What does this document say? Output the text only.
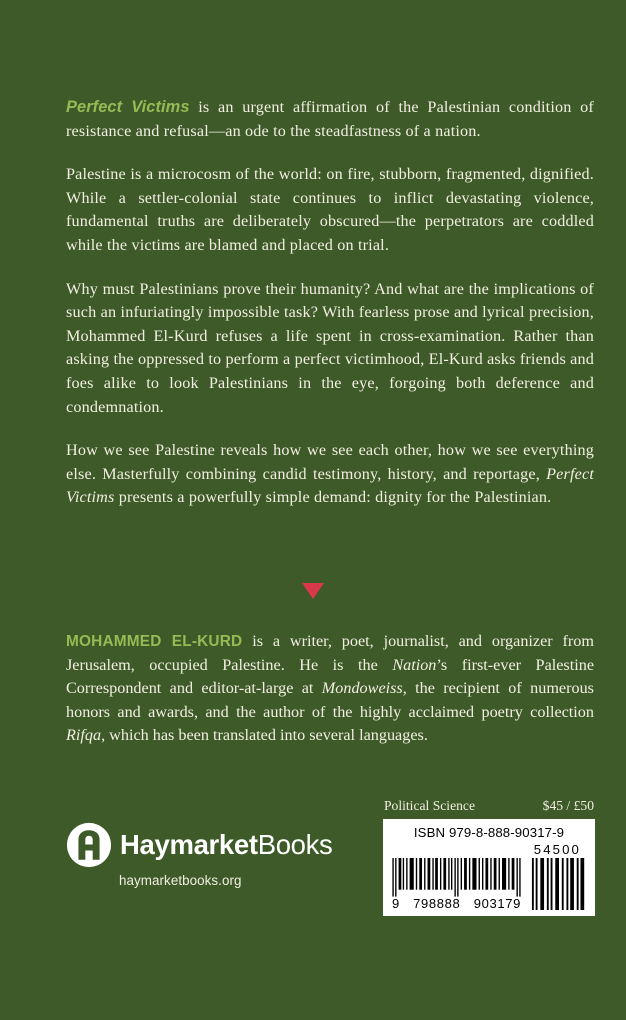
Perfect Victims is an urgent affirmation of the Palestinian condition of resistance and refusal—an ode to the steadfastness of a nation.

Palestine is a microcosm of the world: on fire, stubborn, fragmented, dignified. While a settler-colonial state continues to inflict devastating violence, fundamental truths are deliberately obscured—the perpetrators are coddled while the victims are blamed and placed on trial.

Why must Palestinians prove their humanity? And what are the implications of such an infuriatingly impossible task? With fearless prose and lyrical precision, Mohammed El-Kurd refuses a life spent in cross-examination. Rather than asking the oppressed to perform a perfect victimhood, El-Kurd asks friends and foes alike to look Palestinians in the eye, forgoing both deference and condemnation.

How we see Palestine reveals how we see each other, how we see everything else. Masterfully combining candid testimony, history, and reportage, Perfect Victims presents a powerfully simple demand: dignity for the Palestinian.

MOHAMMED EL-KURD is a writer, poet, journalist, and organizer from Jerusalem, occupied Palestine. He is the Nation’s first-ever Palestine Correspondent and editor-at-large at Mondoweiss, the recipient of numerous honors and awards, and the author of the highly acclaimed poetry collection Rifqa, which has been translated into several languages.

HaymarketBooks
haymarketbooks.org
Political Science	$45 / £50
ISBN 979-8-888-90317-9
54500
9 798888 903179
